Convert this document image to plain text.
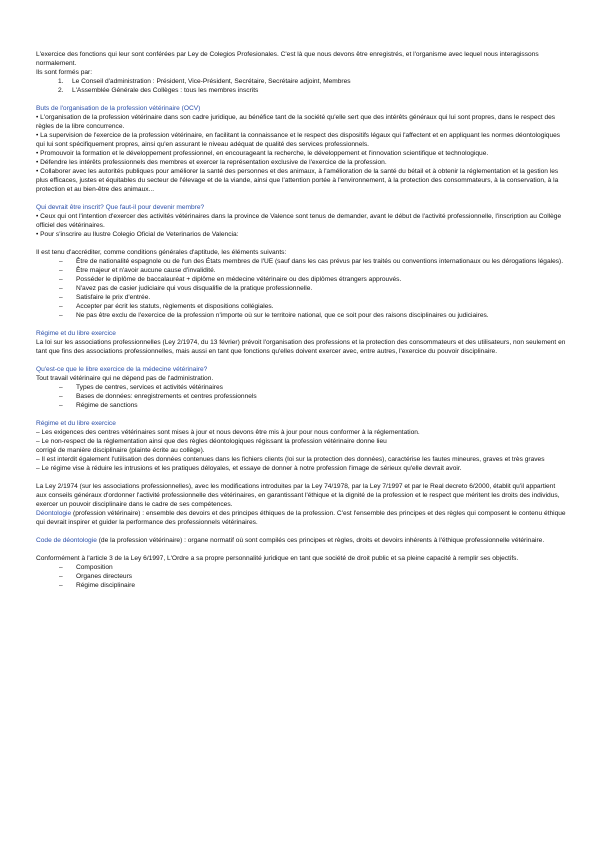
L'exercice des fonctions qui leur sont conférées par Ley de Colegios Profesionales. C'est là que nous devons être enregistrés, et l'organisme avec lequel nous interagissons normalement.

Ils sont formés par:

1. Le Conseil d'administration : Président, Vice-Président, Secrétaire, Secrétaire adjoint, Membres
2. L'Assemblée Générale des Collèges : tous les membres inscrits

Buts de l'organisation de la profession vétérinaire (OCV)

• L'organisation de la profession vétérinaire dans son cadre juridique, au bénéfice tant de la société qu'elle sert que des intérêts généraux qui lui sont propres, dans le respect des règles de la libre concurrence.

• La supervision de l'exercice de la profession vétérinaire, en facilitant la connaissance et le respect des dispositifs légaux qui l'affectent et en appliquant les normes déontologiques qui lui sont spécifiquement propres, ainsi qu'en assurant le niveau adéquat de qualité des services professionnels.

• Promouvoir la formation et le développement professionnel, en encourageant la recherche, le développement et l'innovation scientifique et technologique.

• Défendre les intérêts professionnels des membres et exercer la représentation exclusive de l'exercice de la profession.

• Collaborer avec les autorités publiques pour améliorer la santé des personnes et des animaux, à l'amélioration de la santé du bétail et à obtenir la réglementation et la gestion les plus efficaces, justes et équitables du secteur de l'élevage et de la viande, ainsi que l'attention portée à l'environnement, à la protection des consommateurs, à la conservation, à la protection et au bien-être des animaux...

Qui devrait être inscrit? Que faut-il pour devenir membre?

• Ceux qui ont l'intention d'exercer des activités vétérinaires dans la province de Valence sont tenus de demander, avant le début de l'activité professionnelle, l'inscription au Collège officiel des vétérinaires.

• Pour s'inscrire au Ilustre Colegio Oficial de Veterinarios de Valencia:

Il est tenu d'accréditer, comme conditions générales d'aptitude, les éléments suivants:

– Être de nationalité espagnole ou de l'un des États membres de l'UE (sauf dans les cas prévus par les traités ou conventions internationaux ou les dérogations légales).
– Être majeur et n'avoir aucune cause d'invalidité.
– Posséder le diplôme de baccalauréat + diplôme en médecine vétérinaire ou des diplômes étrangers approuvés.
– N'avez pas de casier judiciaire qui vous disqualifie de la pratique professionnelle.
– Satisfaire le prix d'entrée.
– Accepter par écrit les statuts, règlements et dispositions collégiales.
– Ne pas être exclu de l'exercice de la profession n'importe où sur le territoire national, que ce soit pour des raisons disciplinaires ou judiciaires.

Régime et du libre exercice

La loi sur les associations professionnelles (Ley 2/1974, du 13 février) prévoit l'organisation des professions et la protection des consommateurs et des utilisateurs, non seulement en tant que fins des associations professionnelles, mais aussi en tant que fonctions qu'elles doivent exercer avec, entre autres, l'exercice du pouvoir disciplinaire.

Qu'est-ce que le libre exercice de la médecine vétérinaire?

Tout travail vétérinaire qui ne dépend pas de l'administration.

– Types de centres, services et activités vétérinaires
– Bases de données: enregistrements et centres professionnels
– Régime de sanctions

Régime et du libre exercice

– Les exigences des centres vétérinaires sont mises à jour et nous devons être mis à jour pour nous conformer à la réglementation.

– Le non-respect de la réglementation ainsi que des règles déontologiques régissant la profession vétérinaire donne lieu

corrigé de manière disciplinaire (plainte écrite au collège).

– Il est interdit également l'utilisation des données contenues dans les fichiers clients (loi sur la protection des données), caractérise les fautes mineures, graves et très graves

– Le régime vise à réduire les intrusions et les pratiques déloyales, et essaye de donner à notre profession l'image de sérieux qu'elle devrait avoir.

La Ley 2/1974 (sur les associations professionnelles), avec les modifications introduites par la Ley 74/1978, par la Ley 7/1997 et par le Real decreto 6/2000, établit qu'il appartient aux conseils généraux d'ordonner l'activité professionnelle des vétérinaires, en garantissant l'éthique et la dignité de la profession et le respect que méritent les droits des individus, exercer un pouvoir disciplinaire dans le cadre de ses compétences.

Déontologie (profession vétérinaire) : ensemble des devoirs et des principes éthiques de la profession. C'est l'ensemble des principes et des règles qui composent le contenu éthique qui devrait inspirer et guider la performance des professionnels vétérinaires.

Code de déontologie (de la profession vétérinaire) : organe normatif où sont compilés ces principes et règles, droits et devoirs inhérents à l'éthique professionnelle vétérinaire.

Conformément à l'article 3 de la Ley 6/1997, L'Ordre a sa propre personnalité juridique en tant que société de droit public et sa pleine capacité à remplir ses objectifs.

– Composition
– Organes directeurs
– Régime disciplinaire
